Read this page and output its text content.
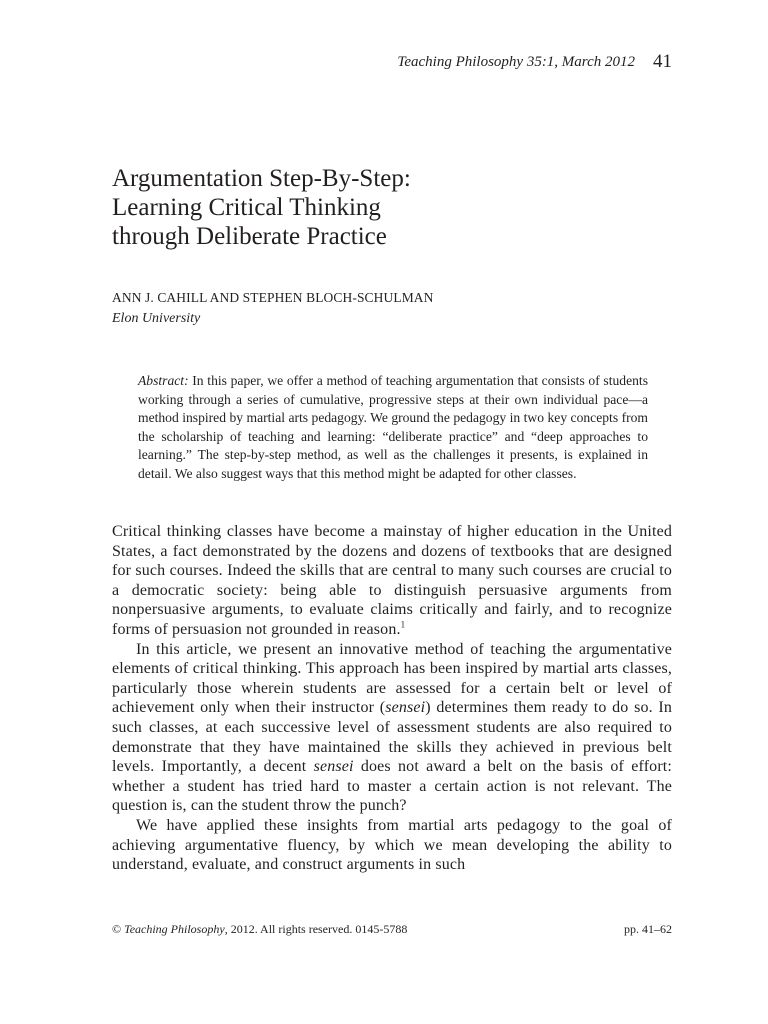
Teaching Philosophy 35:1, March 2012 41
Argumentation Step-By-Step:
Learning Critical Thinking
through Deliberate Practice
ANN J. CAHILL AND STEPHEN BLOCH-SCHULMAN
Elon University
Abstract: In this paper, we offer a method of teaching argumentation that consists of students working through a series of cumulative, progressive steps at their own individual pace—a method inspired by martial arts pedagogy. We ground the pedagogy in two key concepts from the scholarship of teaching and learning: “deliberate practice” and “deep approaches to learning.” The step-by-step method, as well as the challenges it presents, is explained in detail. We also suggest ways that this method might be adapted for other classes.

Critical thinking classes have become a mainstay of higher education in the United States, a fact demonstrated by the dozens and dozens of textbooks that are designed for such courses. Indeed the skills that are central to many such courses are crucial to a democratic society: being able to distinguish persuasive arguments from nonpersuasive arguments, to evaluate claims critically and fairly, and to recognize forms of persuasion not grounded in reason.$^1$

In this article, we present an innovative method of teaching the argumentative elements of critical thinking. This approach has been inspired by martial arts classes, particularly those wherein students are assessed for a certain belt or level of achievement only when their instructor (sensei) determines them ready to do so. In such classes, at each successive level of assessment students are also required to demonstrate that they have maintained the skills they achieved in previous belt levels. Importantly, a decent sensei does not award a belt on the basis of effort: whether a student has tried hard to master a certain action is not relevant. The question is, can the student throw the punch?

We have applied these insights from martial arts pedagogy to the goal of achieving argumentative fluency, by which we mean developing the ability to understand, evaluate, and construct arguments in such

© Teaching Philosophy, 2012. All rights reserved. 0145-5788	pp. 41–62
